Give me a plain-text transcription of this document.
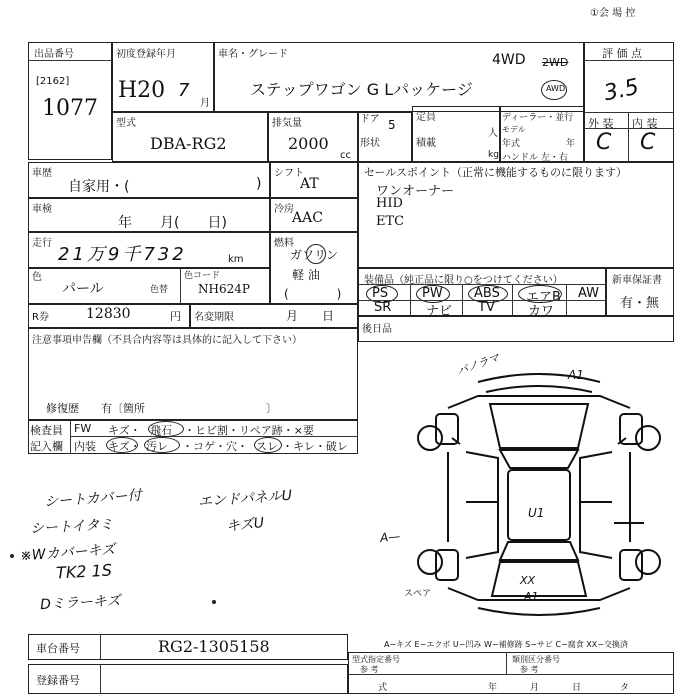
①会 場 控
出品番号
[2162]
1077
初度登録年月
H20 7
月
車名・グレード	4WD 2WD
AWD
ステップワゴン G Lパッケージ
評 価 点
3.5
外 装 内 装
C C
型式
DBA-RG2
排気量
2000
cc
ドア 5
形状
定員
人
積載
kg
ディーラー・並行
モデル
年式	年
ハンドル 左・右
車歴
自家用・(	)
シフト
AT
車検
年　　月(　　日)
冷房
AAC
走行
21万9千732	km
燃料
ガソリン
軽 油
(　　　　)
色
パール	色替
色コード
NH624P
R券	12830	円 名変期限	月　　日
セールスポイント（正常に機能するものに限ります）
ワンオーナー
HID
ETC
装備品（純正品に限り○をつけてください）
PS	PW ABS エアB AW
SR	ナビ TV	カワ
新車保証書
有・無
後日品
注意事項申告欄（不具合内容等は具体的に記入して下さい）
修復歴　　有〔箇所　　　　　　　　　　　〕
検査員
記入欄
FW キズ・ 飛石 ・ヒビ割・リペア跡・×要
内装 キズ・ 汚レ ・コゲ・穴・ スレ ・キレ・破レ
シートカバー付
シートイタミ
※Wカバーキズ
TK2 1S
Dミラーキズ
エンドパネルU
キズU
スペア
A1
A—
U1
XX
A1
パノラマ
A−キズ E−エクボ U−凹み W−補修跡 S−サビ C−腐食 XX−交換済
車台番号	RG2-1305158
登録番号
型式指定番号
参 考
類別区分番号
参 考
式	年	月	日	タ
